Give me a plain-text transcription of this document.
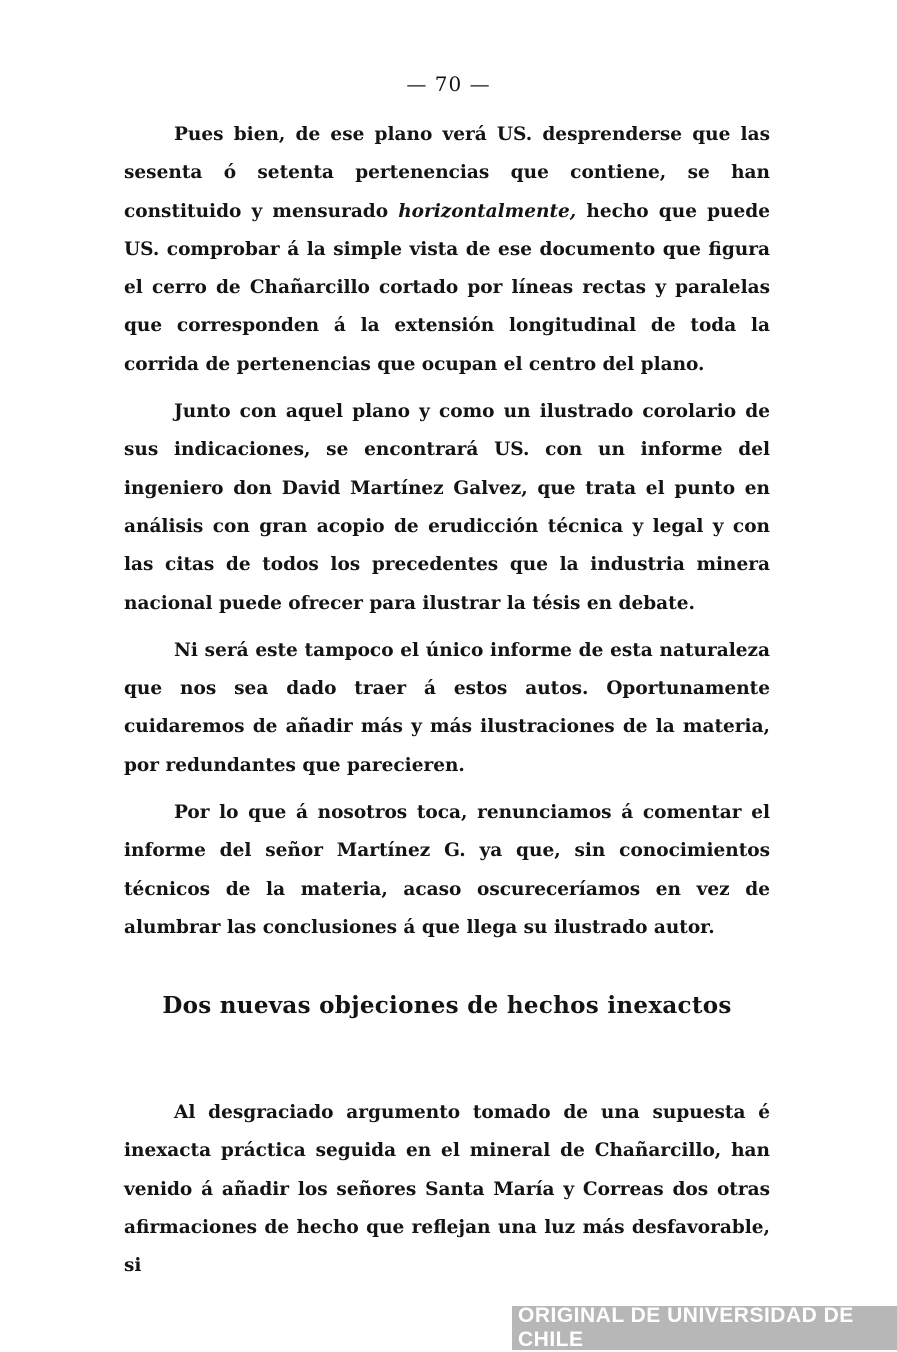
— 70 —

Pues bien, de ese plano verá US. desprenderse que las sesenta ó setenta pertenencias que contiene, se han constituido y mensurado horizontalmente, hecho que puede US. comprobar á la simple vista de ese documento que figura el cerro de Chañarcillo cortado por líneas rectas y paralelas que corresponden á la extensión longitudinal de toda la corrida de pertenencias que ocupan el centro del plano.

Junto con aquel plano y como un ilustrado corolario de sus indicaciones, se encontrará US. con un informe del ingeniero don David Martínez Galvez, que trata el punto en análisis con gran acopio de erudicción técnica y legal y con las citas de todos los precedentes que la industria minera nacional puede ofrecer para ilustrar la tésis en debate.

Ni será este tampoco el único informe de esta naturaleza que nos sea dado traer á estos autos. Oportunamente cuidaremos de añadir más y más ilustraciones de la materia, por redundantes que parecieren.

Por lo que á nosotros toca, renunciamos á comentar el informe del señor Martínez G. ya que, sin conocimientos técnicos de la materia, acaso oscureceríamos en vez de alumbrar las conclusiones á que llega su ilustrado autor.

Dos nuevas objeciones de hechos inexactos

Al desgraciado argumento tomado de una supuesta é inexacta práctica seguida en el mineral de Chañarcillo, han venido á añadir los señores Santa María y Correas dos otras afirmaciones de hecho que reflejan una luz más desfavorable, si

ORIGINAL DE UNIVERSIDAD DE CHILE
